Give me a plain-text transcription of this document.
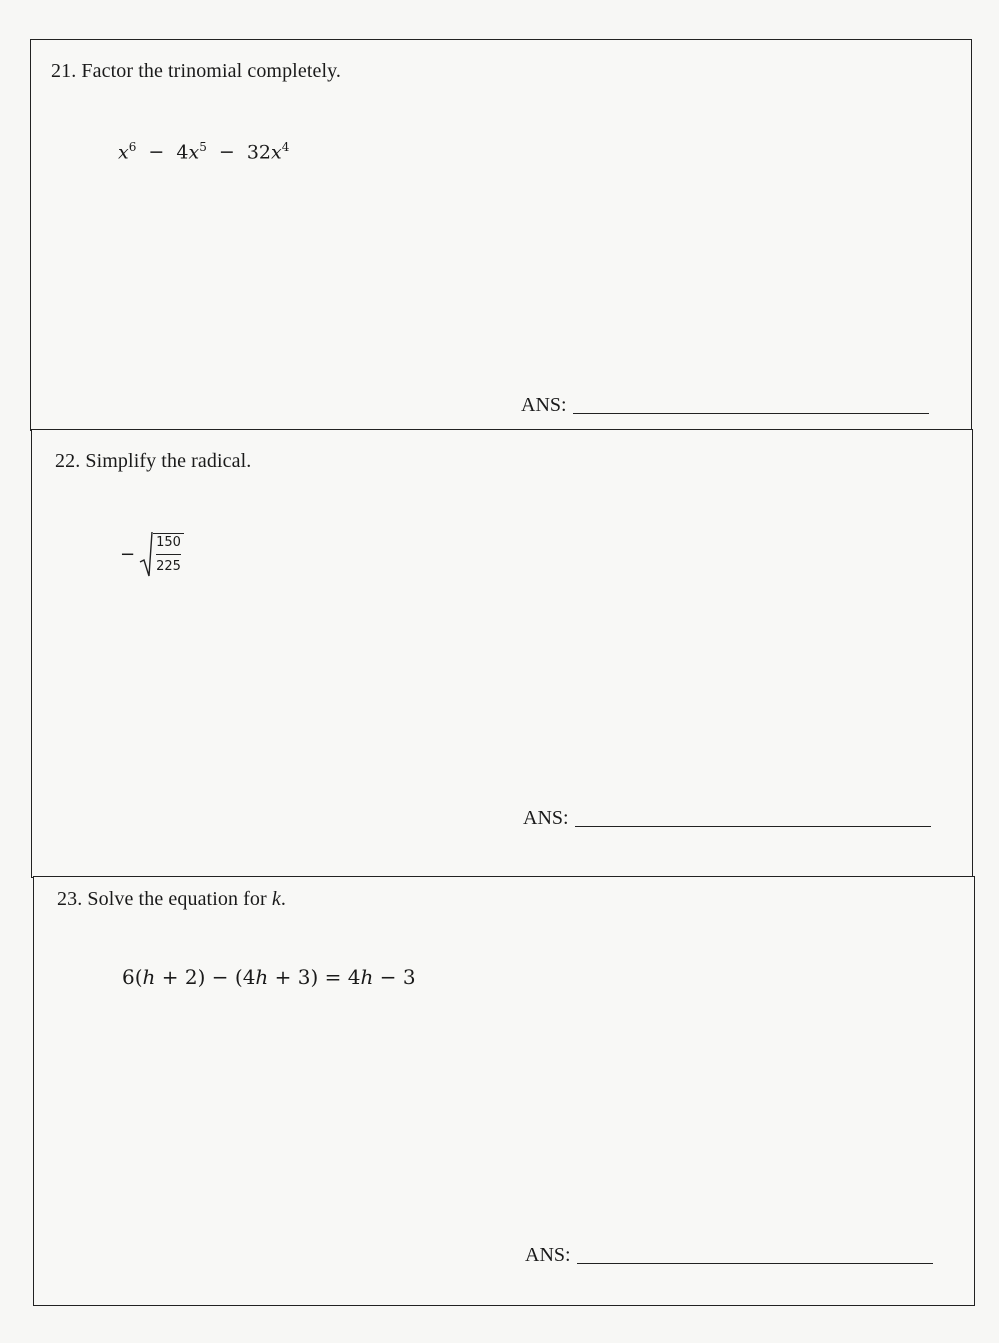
21. Factor the trinomial completely.
$x^6 - 4x^5 - 32x^4$
ANS:
22. Simplify the radical.
− $\frac{150}{225}$
ANS:
23. Solve the equation for k.
6(h + 2) − (4h + 3) = 4h − 3
ANS:
